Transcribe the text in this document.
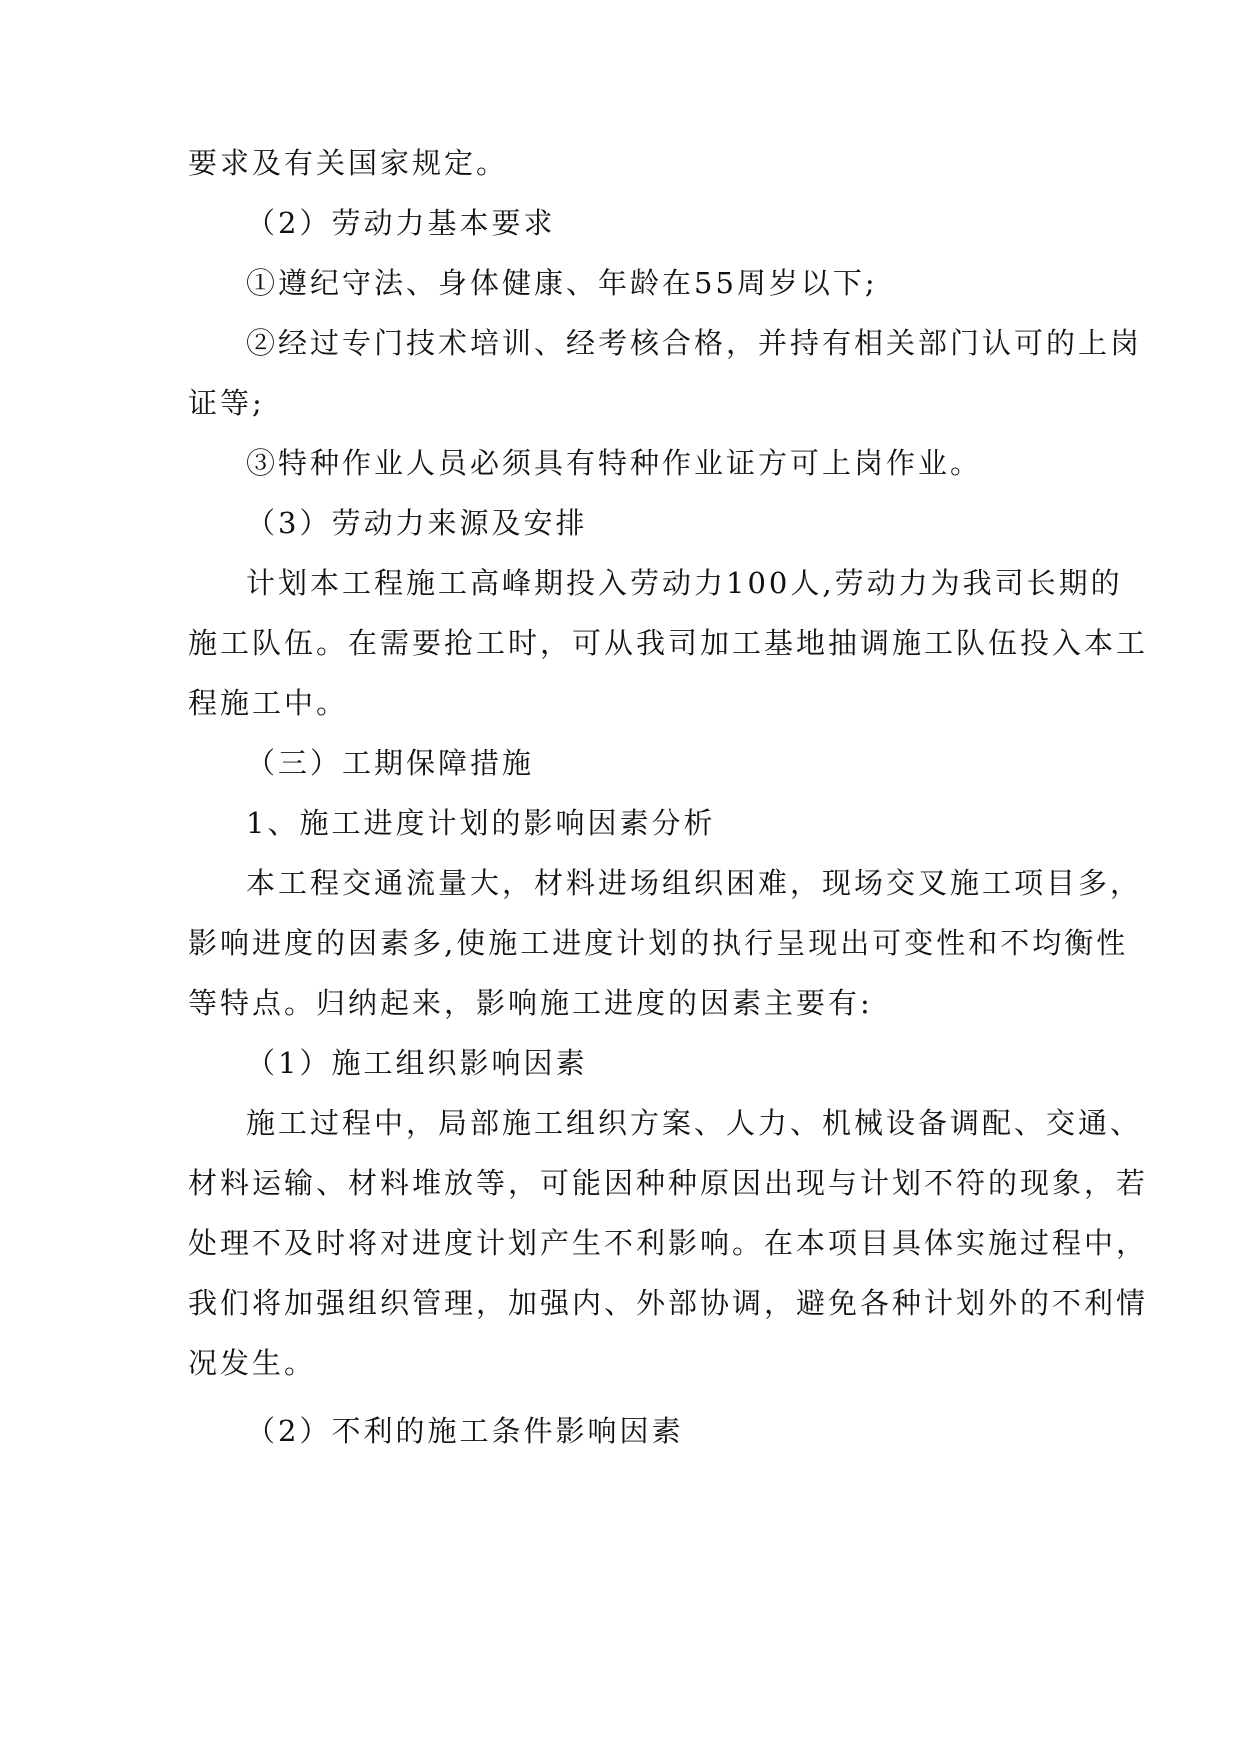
要求及有关国家规定。
（2）劳动力基本要求
①遵纪守法、身体健康、年龄在55周岁以下;
②经过专门技术培训、经考核合格，并持有相关部门认可的上岗
证等;
③特种作业人员必须具有特种作业证方可上岗作业。
（3）劳动力来源及安排
计划本工程施工高峰期投入劳动力100人,劳动力为我司长期的
施工队伍。在需要抢工时，可从我司加工基地抽调施工队伍投入本工
程施工中。
（三）工期保障措施
1、施工进度计划的影响因素分析
本工程交通流量大，材料进场组织困难，现场交叉施工项目多，
影响进度的因素多,使施工进度计划的执行呈现出可变性和不均衡性
等特点。归纳起来，影响施工进度的因素主要有:
（1）施工组织影响因素
施工过程中，局部施工组织方案、人力、机械设备调配、交通、
材料运输、材料堆放等，可能因种种原因出现与计划不符的现象，若
处理不及时将对进度计划产生不利影响。在本项目具体实施过程中，
我们将加强组织管理，加强内、外部协调，避免各种计划外的不利情
况发生。
（2）不利的施工条件影响因素
